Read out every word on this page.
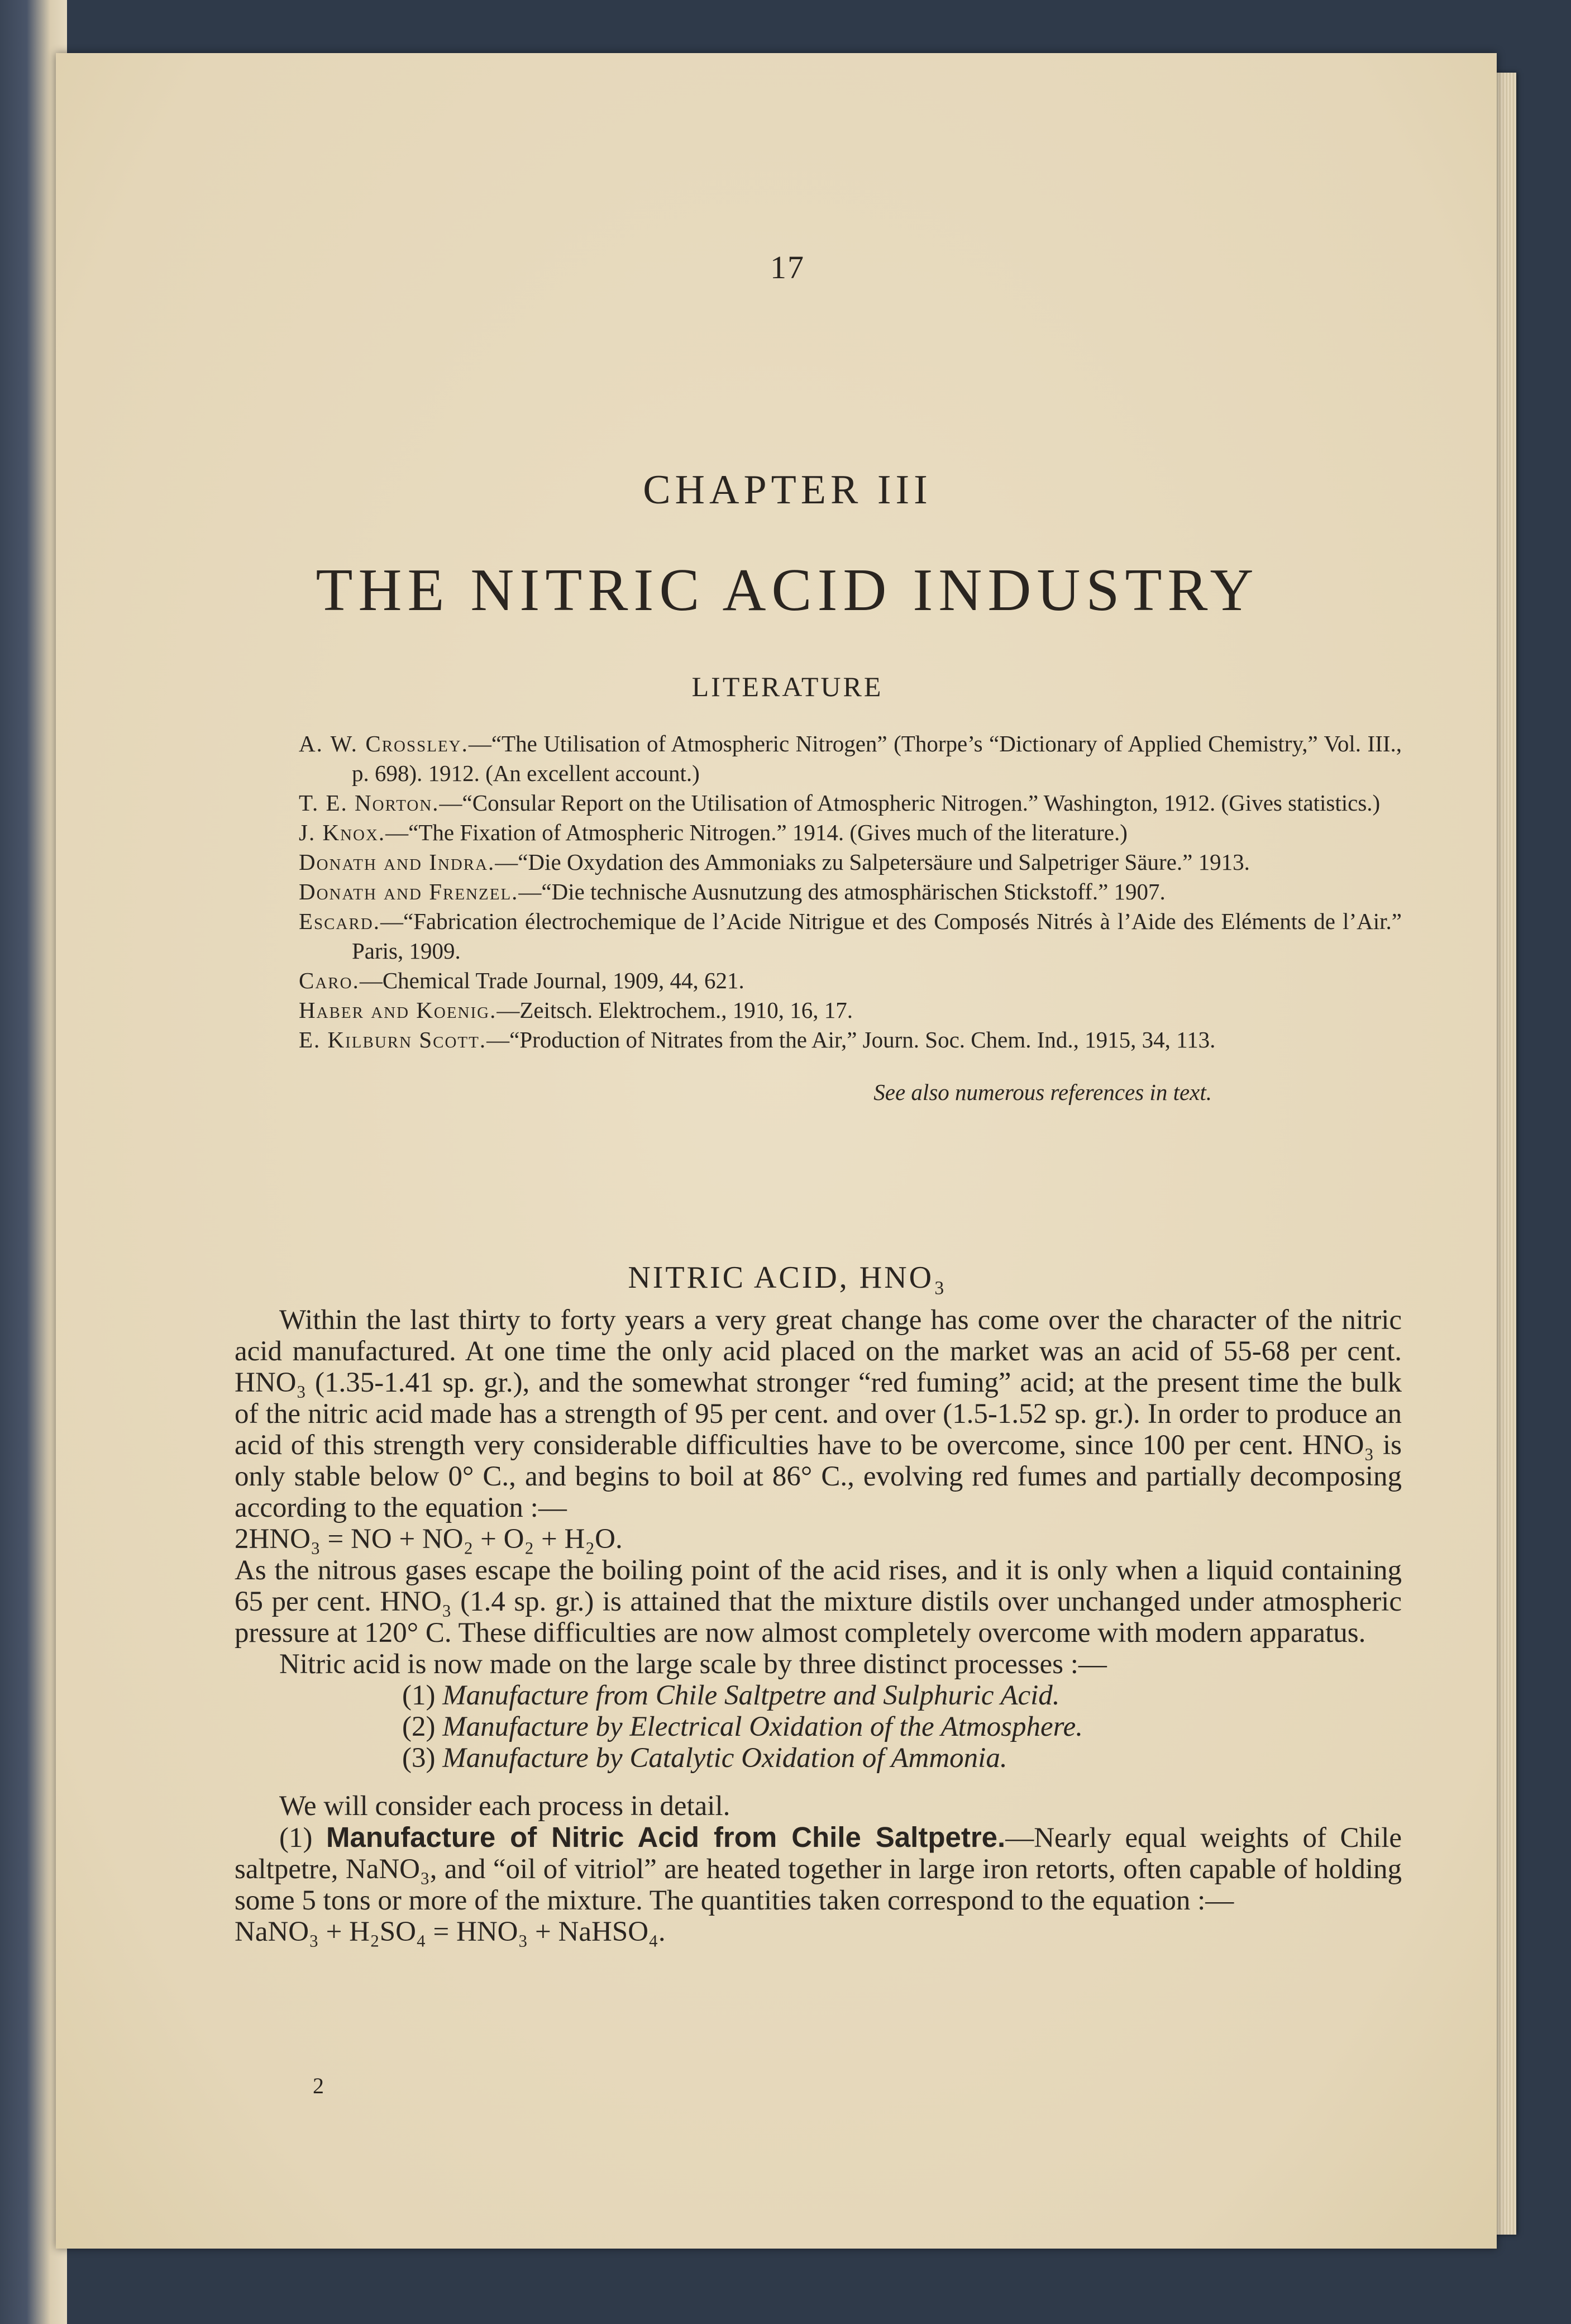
17
CHAPTER III
THE NITRIC ACID INDUSTRY
LITERATURE

A. W. Crossley.—“The Utilisation of Atmospheric Nitrogen” (Thorpe’s “Dictionary of Applied Chemistry,” Vol. III., p. 698). 1912. (An excellent account.)

T. E. Norton.—“Consular Report on the Utilisation of Atmospheric Nitrogen.” Washington, 1912. (Gives statistics.)

J. Knox.—“The Fixation of Atmospheric Nitrogen.” 1914. (Gives much of the literature.)

Donath and Indra.—“Die Oxydation des Ammoniaks zu Salpetersäure und Salpetriger Säure.” 1913.

Donath and Frenzel.—“Die technische Ausnutzung des atmosphärischen Stickstoff.” 1907.

Escard.—“Fabrication électrochemique de l’Acide Nitrigue et des Composés Nitrés à l’Aide des Eléments de l’Air.” Paris, 1909.

Caro.—Chemical Trade Journal, 1909, 44, 621.

Haber and Koenig.—Zeitsch. Elektrochem., 1910, 16, 17.

E. Kilburn Scott.—“Production of Nitrates from the Air,” Journ. Soc. Chem. Ind., 1915, 34, 113.

See also numerous references in text.

NITRIC ACID, HNO₃

Within the last thirty to forty years a very great change has come over the character of the nitric acid manufactured. At one time the only acid placed on the market was an acid of 55-68 per cent. HNO₃ (1.35-1.41 sp. gr.), and the somewhat stronger “red fuming” acid; at the present time the bulk of the nitric acid made has a strength of 95 per cent. and over (1.5-1.52 sp. gr.). In order to produce an acid of this strength very considerable difficulties have to be overcome, since 100 per cent. HNO₃ is only stable below 0° C., and begins to boil at 86° C., evolving red fumes and partially decomposing according to the equation :—

2HNO₃ = NO + NO₂ + O₂ + H₂O.

As the nitrous gases escape the boiling point of the acid rises, and it is only when a liquid containing 65 per cent. HNO₃ (1.4 sp. gr.) is attained that the mixture distils over unchanged under atmospheric pressure at 120° C. These difficulties are now almost completely overcome with modern apparatus.

Nitric acid is now made on the large scale by three distinct processes :—

(1) Manufacture from Chile Saltpetre and Sulphuric Acid.

(2) Manufacture by Electrical Oxidation of the Atmosphere.

(3) Manufacture by Catalytic Oxidation of Ammonia.

We will consider each process in detail.

(1) Manufacture of Nitric Acid from Chile Saltpetre.—Nearly equal weights of Chile saltpetre, NaNO₃, and “oil of vitriol” are heated together in large iron retorts, often capable of holding some 5 tons or more of the mixture. The quantities taken correspond to the equation :—

NaNO₃ + H₂SO₄ = HNO₃ + NaHSO₄.

2
